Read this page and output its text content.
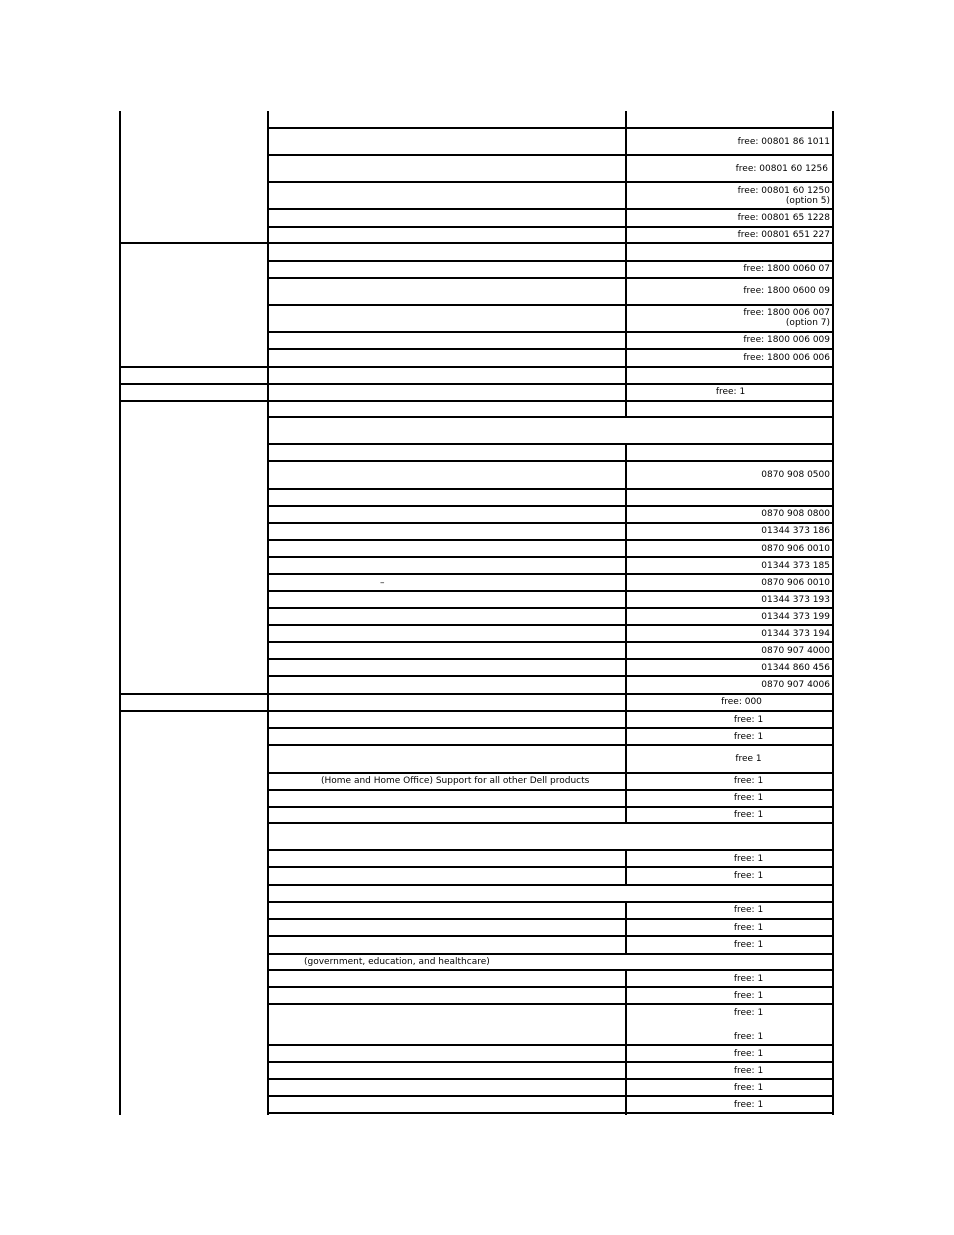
free: 00801 86 1011
free: 00801 60 1256
free: 00801 60 1250
(option 5)
free: 00801 65 1228
free: 00801 651 227
free: 1800 0060 07
free: 1800 0600 09
free: 1800 006 007
(option 7)
free: 1800 006 009
free: 1800 006 006
free: 1
0870 908 0500
0870 908 0800
01344 373 186
0870 906 0010
01344 373 185
–	0870 906 0010
01344 373 193
01344 373 199
01344 373 194
0870 907 4000
01344 860 456
0870 907 4006
free: 000
free: 1
free: 1
free 1
(Home and Home Office) Support for all other Dell products	free: 1
free: 1
free: 1
free: 1
free: 1
free: 1
free: 1
free: 1
(government, education, and healthcare)
free: 1
free: 1
free: 1
free: 1
free: 1
free: 1
free: 1
free: 1
